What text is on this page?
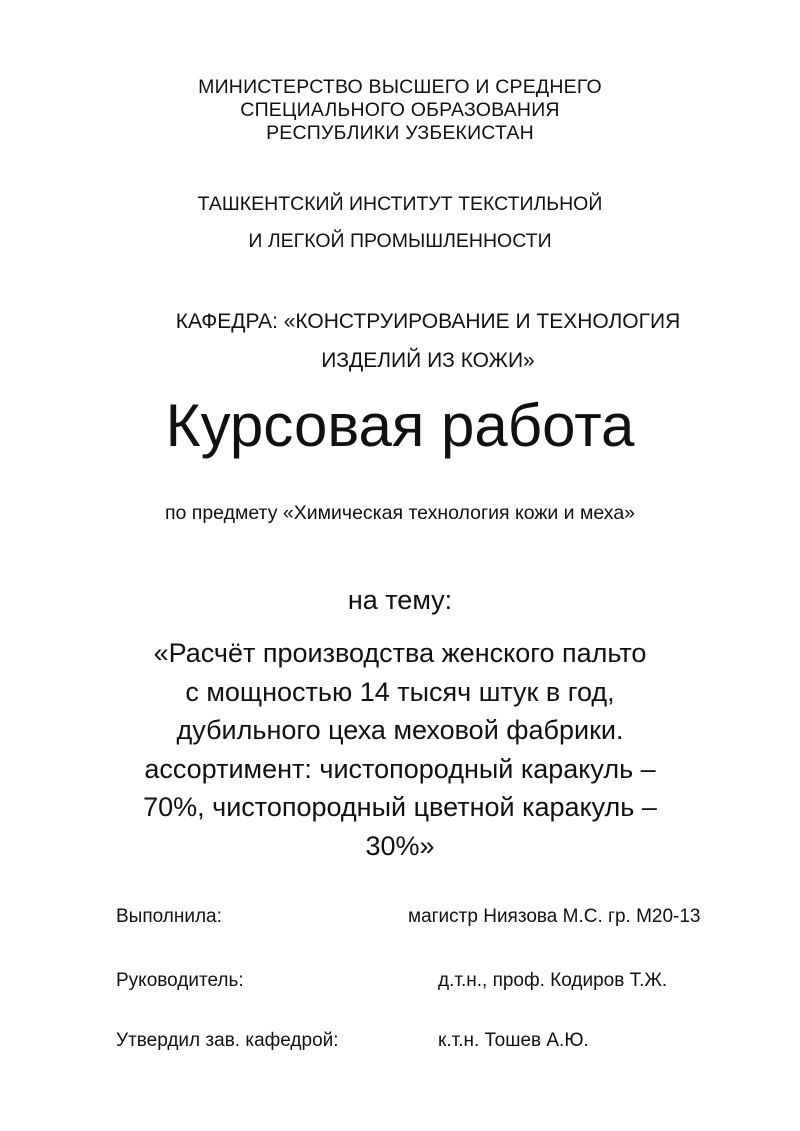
МИНИСТЕРСТВО ВЫСШЕГО И СРЕДНЕГО
СПЕЦИАЛЬНОГО ОБРАЗОВАНИЯ
РЕСПУБЛИКИ УЗБЕКИСТАН
ТАШКЕНТСКИЙ ИНСТИТУТ ТЕКСТИЛЬНОЙ
И ЛЕГКОЙ ПРОМЫШЛЕННОСТИ
КАФЕДРА: «КОНСТРУИРОВАНИЕ И ТЕХНОЛОГИЯ
ИЗДЕЛИЙ ИЗ КОЖИ»
Курсовая работа
по предмету «Химическая технология кожи и меха»
на тему:
«Расчёт производства женского пальто
с мощностью 14 тысяч штук в год,
дубильного цеха меховой фабрики.
ассортимент: чистопородный каракуль –
70%, чистопородный цветной каракуль –
30%»
Выполнила:	магистр Ниязова М.С. гр. М20-13
Руководитель:	д.т.н., проф. Кодиров Т.Ж.
Утвердил зав. кафедрой:	к.т.н. Тошев А.Ю.
